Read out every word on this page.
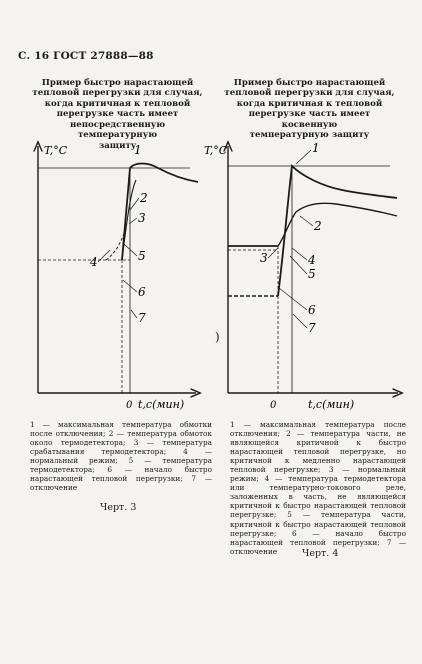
С. 16 ГОСТ 27888—88
Пример быстро нарастающей
тепловой перегрузки для случая,
когда критичная к тепловой
перегрузке часть имеет
непосредственную температурную
защиту
Пример быстро нарастающей
тепловой перегрузки для случая,
когда критичная к тепловой
перегрузке часть имеет косвенную
температурную защиту
T,°C
t,c(мин)
0
1
2
3
4	5
6
7
T,°C
t,c(мин)
0
1
2
3	4
5
6
7
)
1 — максимальная температура обмотки после отключения; 2 — температура обмоток около термодетектора; 3 — температура срабатывания термодетектора; 4 — нормальный режим; 5 — температура термодетектора; 6 — начало быстро нарастающей тепловой перегрузки; 7 — отключение
1 — максимальная температура после отключения; 2 — температура части, не являющейся критичной к быстро нарастающей тепловой перегрузке, но критичной к медленно нарастающей тепловой перегрузке; 3 — нормальный режим; 4 — температура термодетектора или температурно-токового реле, заложенных в часть, не являющейся критичной к быстро нарастающей тепловой перегрузке; 5 — температура части, критичной к быстро нарастающей тепловой перегрузке; 6 — начало быстро нарастающей тепловой перегрузки; 7 — отключение
Черт. 3
Черт. 4
